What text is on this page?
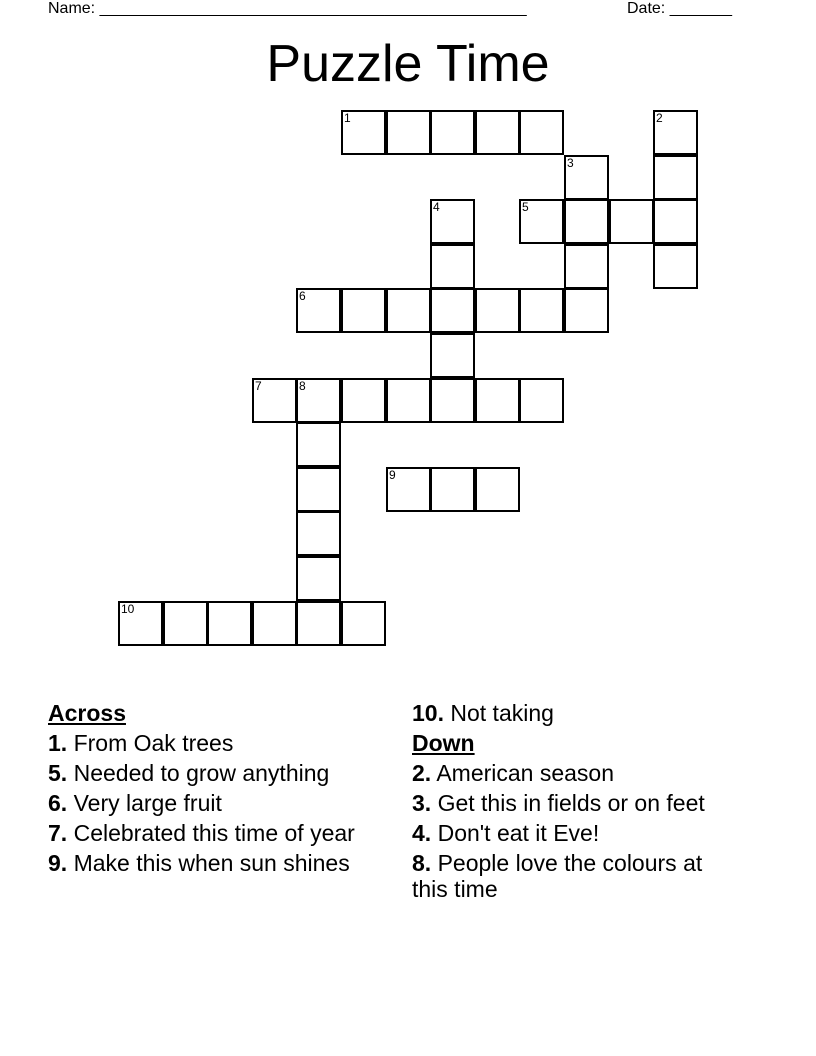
Name: ________________________________________________	Date: _______
Puzzle Time
1	2
3
4	5
6
7	8
9
10
Across
1. From Oak trees
5. Needed to grow anything
6. Very large fruit
7. Celebrated this time of year
9. Make this when sun shines
10. Not taking
Down
2. American season
3. Get this in fields or on feet
4. Don't eat it Eve!
8. People love the colours at this time
